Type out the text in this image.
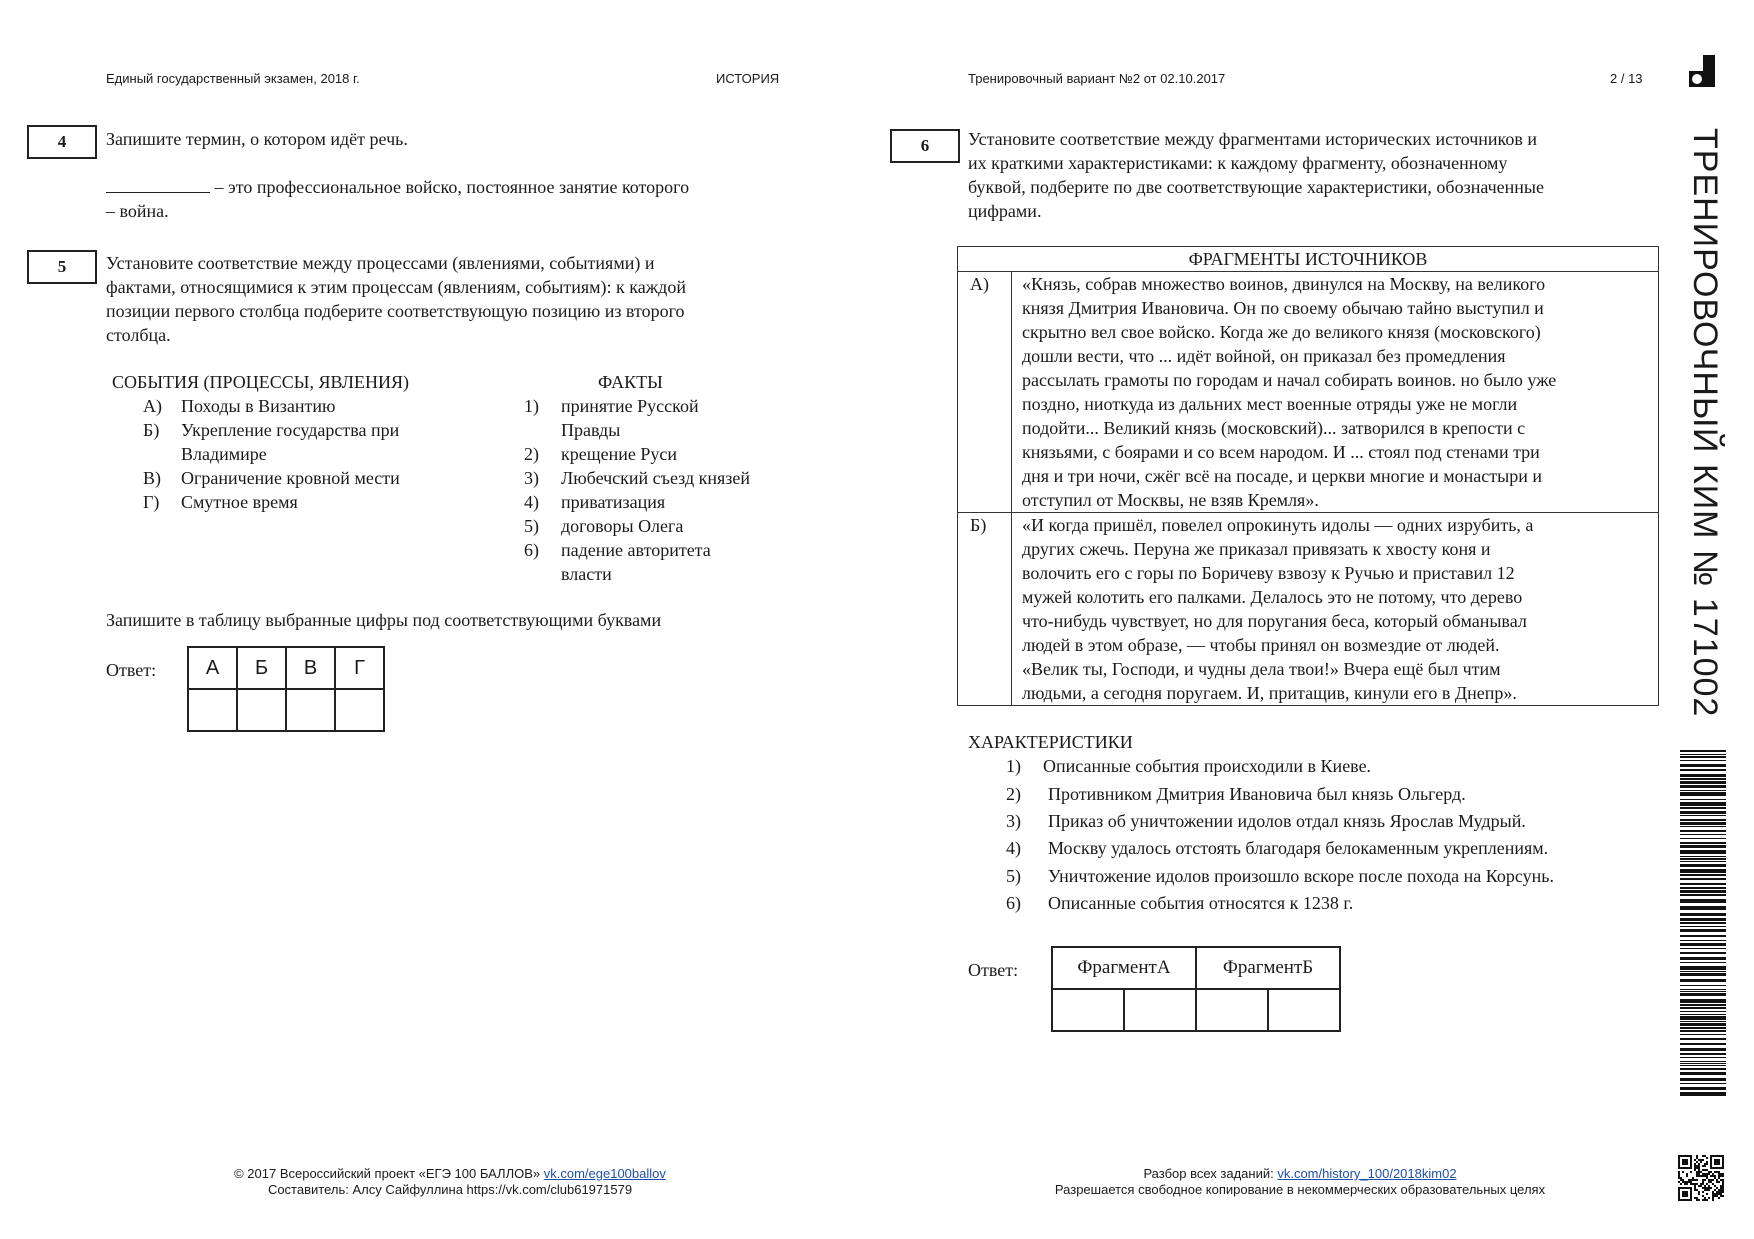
Единый государственный экзамен, 2018 г.	ИСТОРИЯ	Тренировочный вариант №2 от 02.10.2017	2 / 13
ТРЕНИРОВОЧНЫЙ КИМ № 171002
4	Запишите термин, о котором идёт речь.
– это профессиональное войско, постоянное занятие которого
– война.
5	Установите соответствие между процессами (явлениями, событиями) и
фактами, относящимися к этим процессам (явлениям, событиям): к каждой
позиции первого столбца подберите соответствующую позицию из второго
столбца.
СОБЫТИЯ (ПРОЦЕССЫ, ЯВЛЕНИЯ)	ФАКТЫ
А) Походы в Византию
Б) Укрепление государства при
Владимире
В) Ограничение кровной мести
Г) Смутное время
1) принятие Русской
Правды
2) крещение Руси
3) Любечский съезд князей
4) приватизация
5) договоры Олега
6) падение авторитета
власти
Запишите в таблицу выбранные цифры под соответствующими буквами
Ответ: А	Б	В	Г

6	Установите соответствие между фрагментами исторических источников и
их краткими характеристиками: к каждому фрагменту, обозначенному
буквой, подберите по две соответствующие характеристики, обозначенные
цифрами.
ФРАГМЕНТЫ ИСТОЧНИКОВ
А)	«Князь, собрав множество воинов, двинулся на Москву, на великого
князя Дмитрия Ивановича. Он по своему обычаю тайно выступил и
скрытно вел свое войско. Когда же до великого князя (московского)
дошли вести, что ... идёт войной, он приказал без промедления
рассылать грамоты по городам и начал собирать воинов. но было уже
поздно, ниоткуда из дальних мест военные отряды уже не могли
подойти... Великий князь (московский)... затворился в крепости с
князьями, с боярами и со всем народом. И ... стоял под стенами три
дня и три ночи, сжёг всё на посаде, и церкви многие и монастыри и
отступил от Москвы, не взяв Кремля».
Б)	«И когда пришёл, повелел опрокинуть идолы — одних изрубить, а
других сжечь. Перуна же приказал привязать к хвосту коня и
волочить его с горы по Боричеву взвозу к Ручью и приставил 12
мужей колотить его палками. Делалось это не потому, что дерево
что-нибудь чувствует, но для поругания беса, который обманывал
людей в этом образе, — чтобы принял он возмездие от людей.
«Велик ты, Господи, и чудны дела твои!» Вчера ещё был чтим
людьми, а сегодня поругаем. И, притащив, кинули его в Днепр».
ХАРАКТЕРИСТИКИ
1) Описанные события происходили в Киеве.
2) Противником Дмитрия Ивановича был князь Ольгерд.
3) Приказ об уничтожении идолов отдал князь Ярослав Мудрый.
4) Москву удалось отстоять благодаря белокаменным укреплениям.
5) Уничтожение идолов произошло вскоре после похода на Корсунь.
6) Описанные события относятся к 1238 г.
Ответ:	ФрагментА		ФрагментБ	

© 2017 Всероссийский проект «ЕГЭ 100 БАЛЛОВ» vk.com/ege100ballov
Составитель: Алсу Сайфуллина https://vk.com/club61971579
Разбор всех заданий: vk.com/history_100/2018kim02
Разрешается свободное копирование в некоммерческих образовательных целях
